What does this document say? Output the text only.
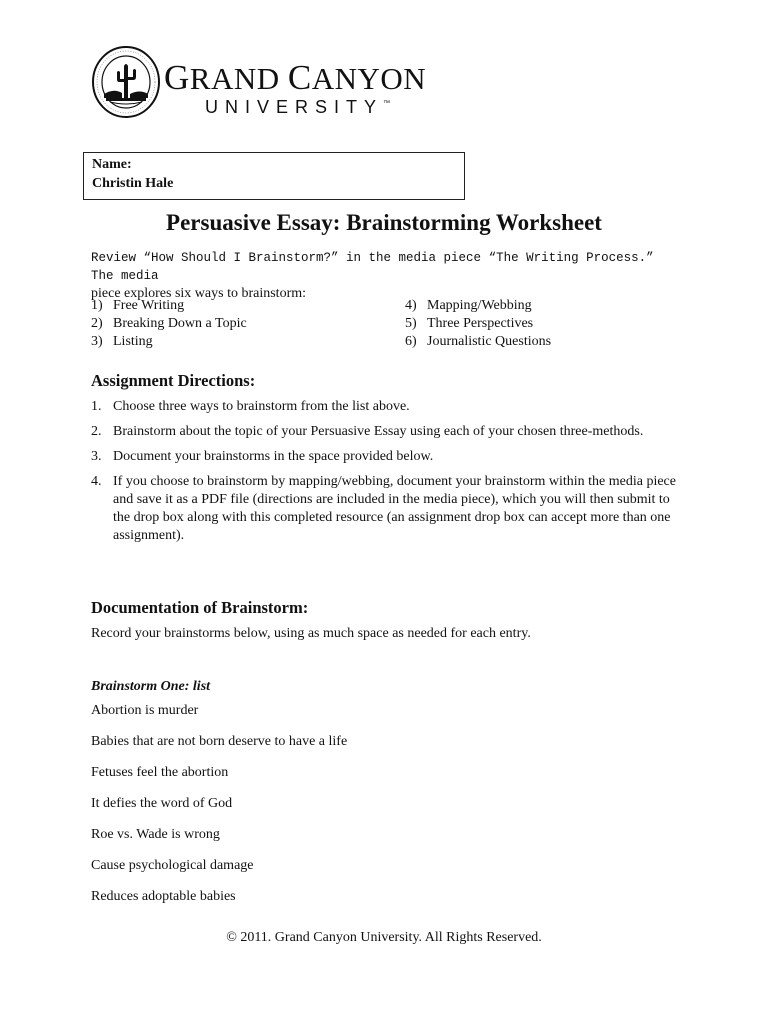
GRAND CANYON
UNIVERSITY™
Name:
Christin Hale
Persuasive Essay: Brainstorming Worksheet
Review “How Should I Brainstorm?” in the media piece “The Writing Process.” The media
piece explores six ways to brainstorm:
1) Free Writing
2) Breaking Down a Topic
3) Listing
4) Mapping/Webbing
5) Three Perspectives
6) Journalistic Questions
Assignment Directions:
1. Choose three ways to brainstorm from the list above.
2. Brainstorm about the topic of your Persuasive Essay using each of your chosen three-methods.
3. Document your brainstorms in the space provided below.
4. If you choose to brainstorm by mapping/webbing, document your brainstorm within the media piece and save it as a PDF file (directions are included in the media piece), which you will then submit to the drop box along with this completed resource (an assignment drop box can accept more than one assignment).
Documentation of Brainstorm:
Record your brainstorms below, using as much space as needed for each entry.
Brainstorm One: list
Abortion is murder
Babies that are not born deserve to have a life
Fetuses feel the abortion
It defies the word of God
Roe vs. Wade is wrong
Cause psychological damage
Reduces adoptable babies
© 2011. Grand Canyon University. All Rights Reserved.
